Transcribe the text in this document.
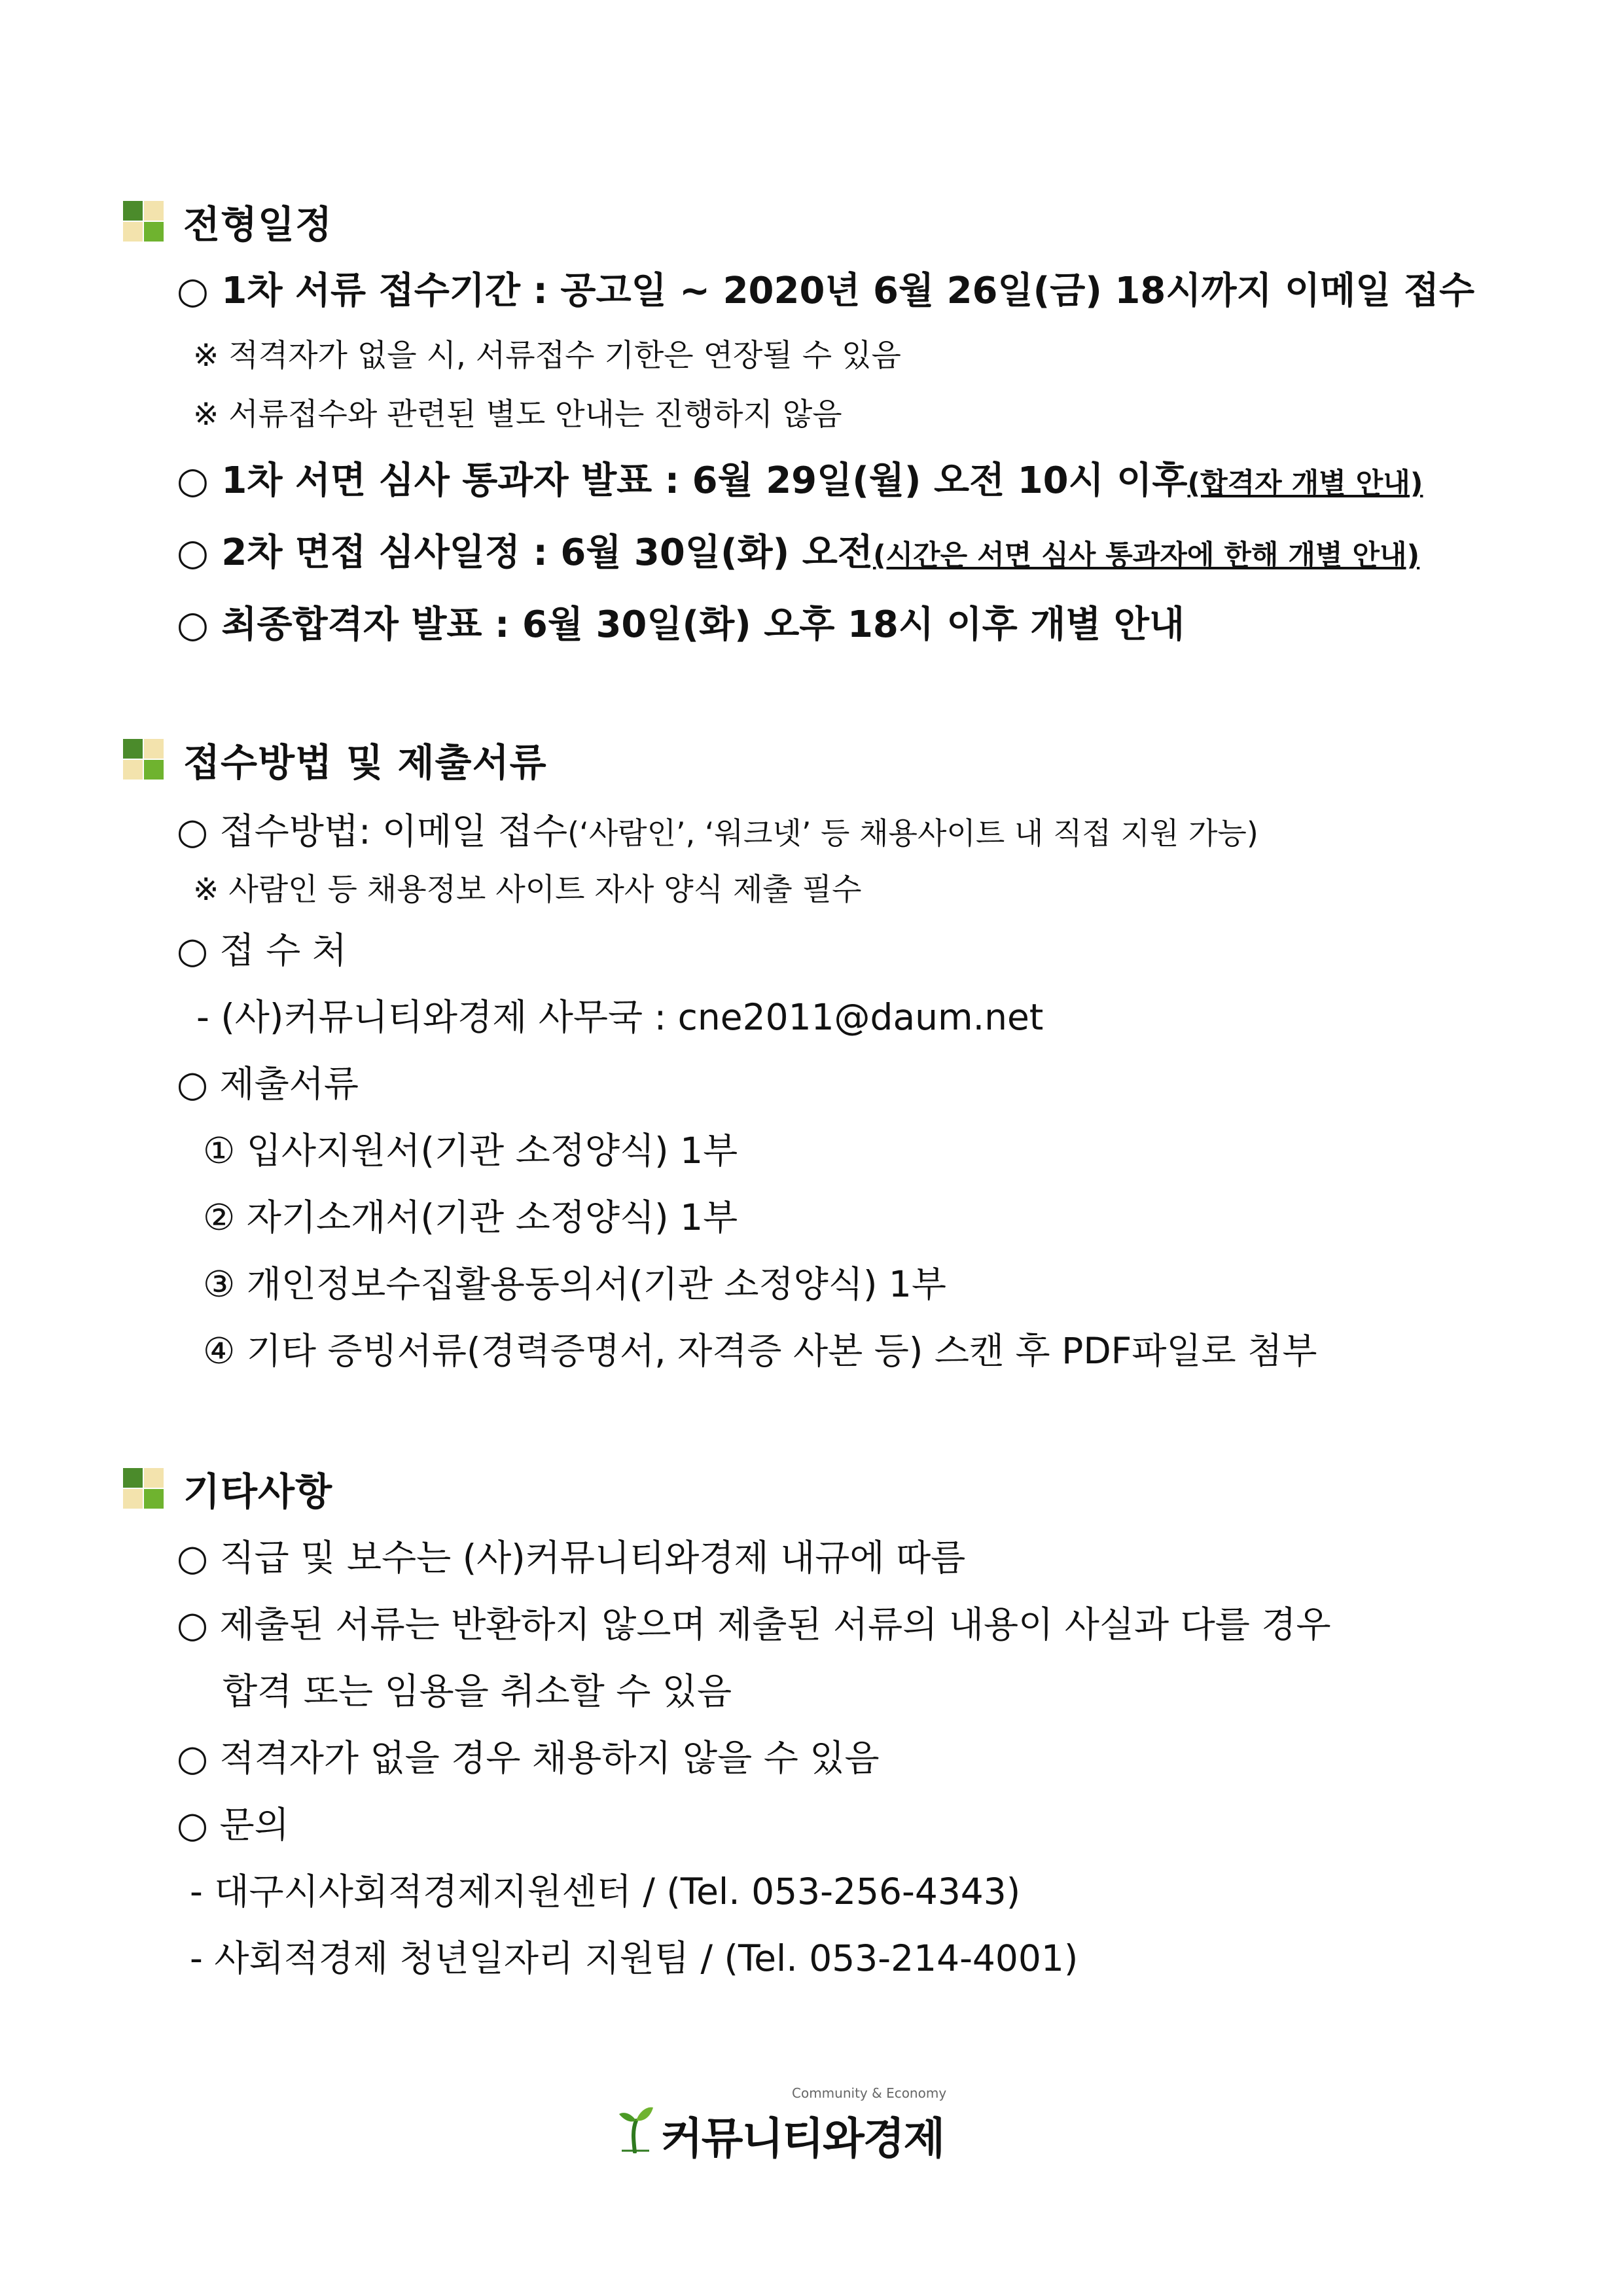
전형일정
○ 1차 서류 접수기간 : 공고일 ~ 2020년 6월 26일(금) 18시까지 이메일 접수
※ 적격자가 없을 시, 서류접수 기한은 연장될 수 있음
※ 서류접수와 관련된 별도 안내는 진행하지 않음
○ 1차 서면 심사 통과자 발표 : 6월 29일(월) 오전 10시 이후(합격자 개별 안내)
○ 2차 면접 심사일정 : 6월 30일(화) 오전(시간은 서면 심사 통과자에 한해 개별 안내)
○ 최종합격자 발표 : 6월 30일(화) 오후 18시 이후 개별 안내
접수방법 및 제출서류
○ 접수방법: 이메일 접수(‘사람인’, ‘워크넷’ 등 채용사이트 내 직접 지원 가능)
※ 사람인 등 채용정보 사이트 자사 양식 제출 필수
○ 접 수 처
- (사)커뮤니티와경제 사무국 : cne2011@daum.net
○ 제출서류
① 입사지원서(기관 소정양식) 1부
② 자기소개서(기관 소정양식) 1부
③ 개인정보수집활용동의서(기관 소정양식) 1부
④ 기타 증빙서류(경력증명서, 자격증 사본 등) 스캔 후 PDF파일로 첨부
기타사항
○ 직급 및 보수는 (사)커뮤니티와경제 내규에 따름
○ 제출된 서류는 반환하지 않으며 제출된 서류의 내용이 사실과 다를 경우
합격 또는 임용을 취소할 수 있음
○ 적격자가 없을 경우 채용하지 않을 수 있음
○ 문의
- 대구시사회적경제지원센터 / (Tel. 053-256-4343)
- 사회적경제 청년일자리 지원팀 / (Tel. 053-214-4001)
Community & Economy
커뮤니티와경제
